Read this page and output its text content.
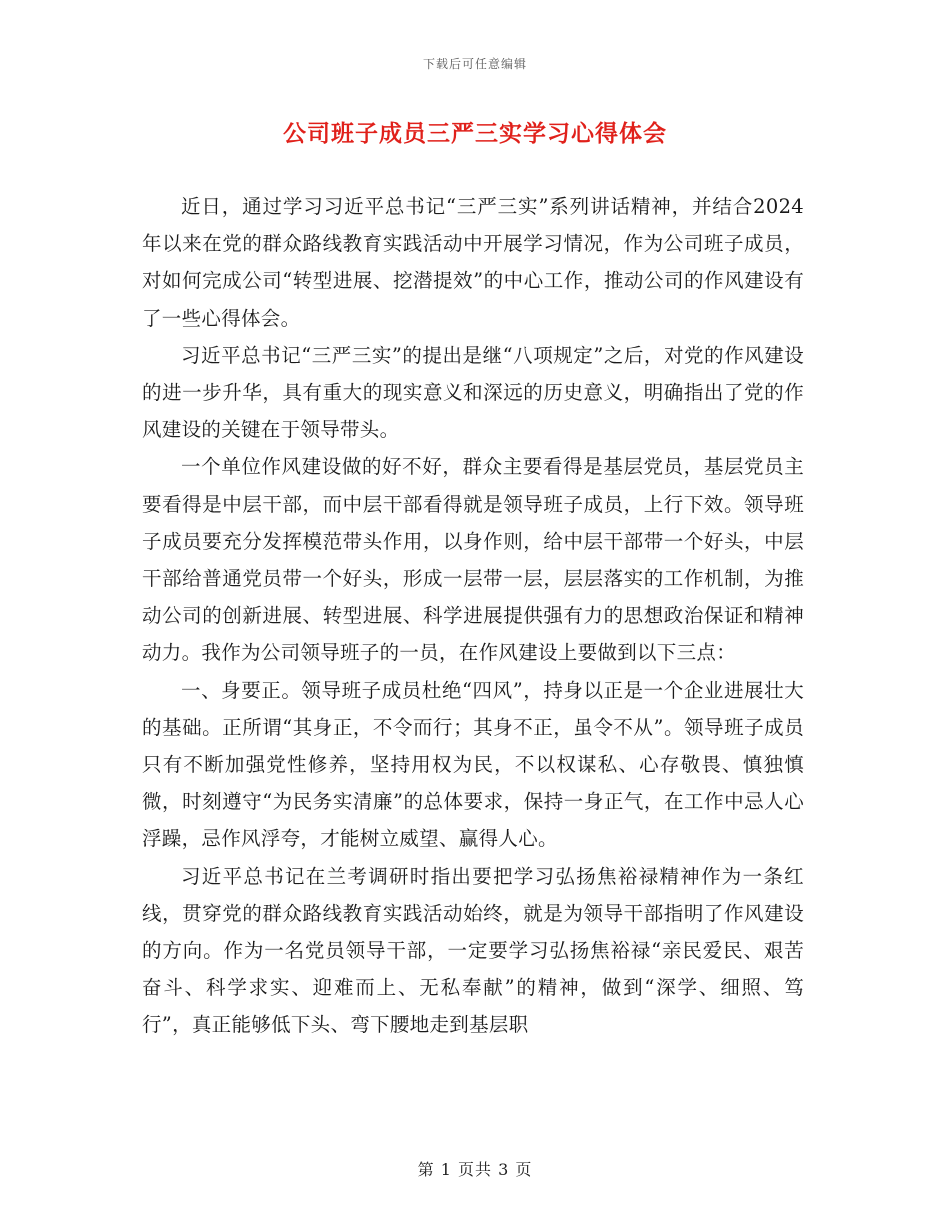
下载后可任意编辑
公司班子成员三严三实学习心得体会

近日，通过学习习近平总书记“三严三实”系列讲话精神，并结合2024年以来在党的群众路线教育实践活动中开展学习情况，作为公司班子成员，对如何完成公司“转型进展、挖潜提效”的中心工作，推动公司的作风建设有了一些心得体会。

习近平总书记“三严三实”的提出是继“八项规定”之后，对党的作风建设的进一步升华，具有重大的现实意义和深远的历史意义，明确指出了党的作风建设的关键在于领导带头。

一个单位作风建设做的好不好，群众主要看得是基层党员，基层党员主要看得是中层干部，而中层干部看得就是领导班子成员，上行下效。领导班子成员要充分发挥模范带头作用，以身作则，给中层干部带一个好头，中层干部给普通党员带一个好头，形成一层带一层，层层落实的工作机制，为推动公司的创新进展、转型进展、科学进展提供强有力的思想政治保证和精神动力。我作为公司领导班子的一员，在作风建设上要做到以下三点：

一、身要正。领导班子成员杜绝“四风”，持身以正是一个企业进展壮大的基础。正所谓“其身正，不令而行；其身不正，虽令不从”。领导班子成员只有不断加强党性修养，坚持用权为民，不以权谋私、心存敬畏、慎独慎微，时刻遵守“为民务实清廉”的总体要求，保持一身正气，在工作中忌人心浮躁，忌作风浮夸，才能树立威望、赢得人心。

习近平总书记在兰考调研时指出要把学习弘扬焦裕禄精神作为一条红线，贯穿党的群众路线教育实践活动始终，就是为领导干部指明了作风建设的方向。作为一名党员领导干部，一定要学习弘扬焦裕禄“亲民爱民、艰苦奋斗、科学求实、迎难而上、无私奉献”的精神，做到“深学、细照、笃行”，真正能够低下头、弯下腰地走到基层职

第 1 页共 3 页
